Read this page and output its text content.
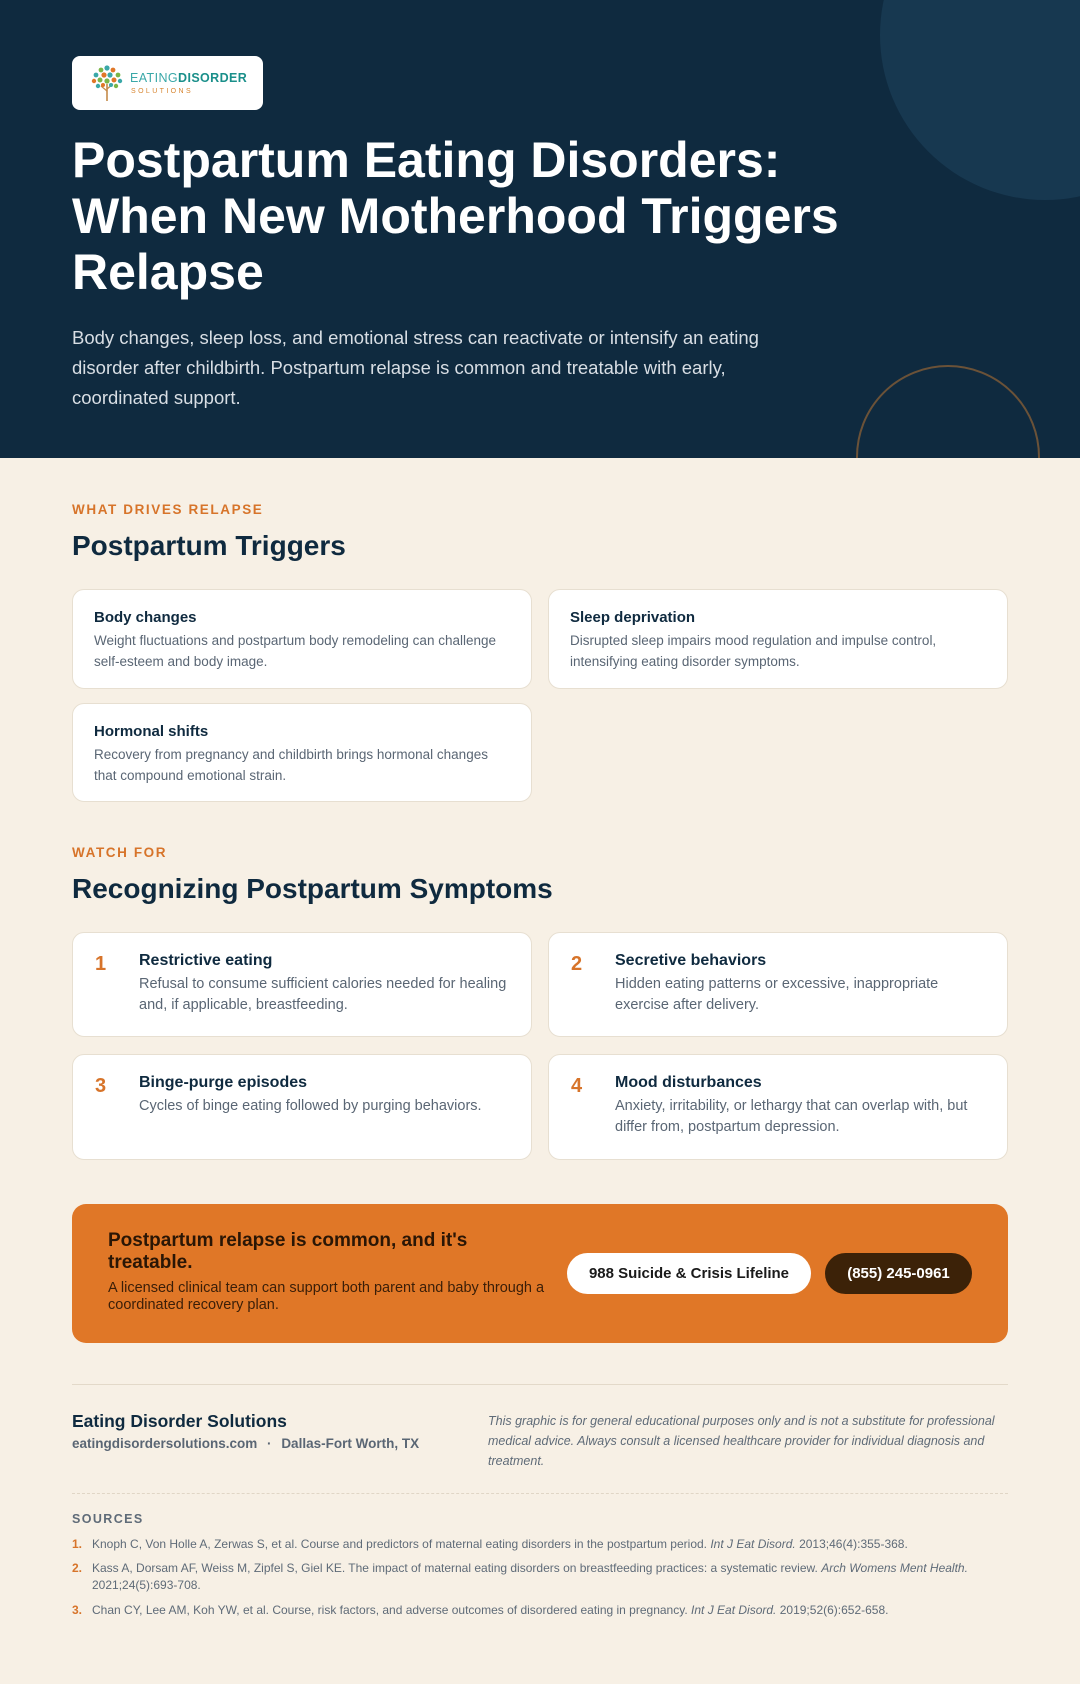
EATINGDISORDER
SOLUTIONS
Postpartum Eating Disorders: When New Motherhood Triggers Relapse

Body changes, sleep loss, and emotional stress can reactivate or intensify an eating disorder after childbirth. Postpartum relapse is common and treatable with early, coordinated support.

WHAT DRIVES RELAPSE
Postpartum Triggers
Body changes
Weight fluctuations and postpartum body remodeling can challenge self-esteem and body image.
Sleep deprivation
Disrupted sleep impairs mood regulation and impulse control, intensifying eating disorder symptoms.
Hormonal shifts
Recovery from pregnancy and childbirth brings hormonal changes that compound emotional strain.
WATCH FOR
Recognizing Postpartum Symptoms
1 Restrictive eating
Refusal to consume sufficient calories needed for healing and, if applicable, breastfeeding.
2 Secretive behaviors
Hidden eating patterns or excessive, inappropriate exercise after delivery.
3 Binge-purge episodes
Cycles of binge eating followed by purging behaviors.
4 Mood disturbances
Anxiety, irritability, or lethargy that can overlap with, but differ from, postpartum depression.
Postpartum relapse is common, and it's treatable.
A licensed clinical team can support both parent and baby through a coordinated recovery plan.
988 Suicide & Crisis Lifeline	(855) 245-0961
Eating Disorder Solutions
eatingdisordersolutions.com · Dallas-Fort Worth, TX

This graphic is for general educational purposes only and is not a substitute for professional medical advice. Always consult a licensed healthcare provider for individual diagnosis and treatment.

SOURCES
1. Knoph C, Von Holle A, Zerwas S, et al. Course and predictors of maternal eating disorders in the postpartum period. Int J Eat Disord. 2013;46(4):355-368.
2. Kass A, Dorsam AF, Weiss M, Zipfel S, Giel KE. The impact of maternal eating disorders on breastfeeding practices: a systematic review. Arch Womens Ment Health. 2021;24(5):693-708.
3. Chan CY, Lee AM, Koh YW, et al. Course, risk factors, and adverse outcomes of disordered eating in pregnancy. Int J Eat Disord. 2019;52(6):652-658.
